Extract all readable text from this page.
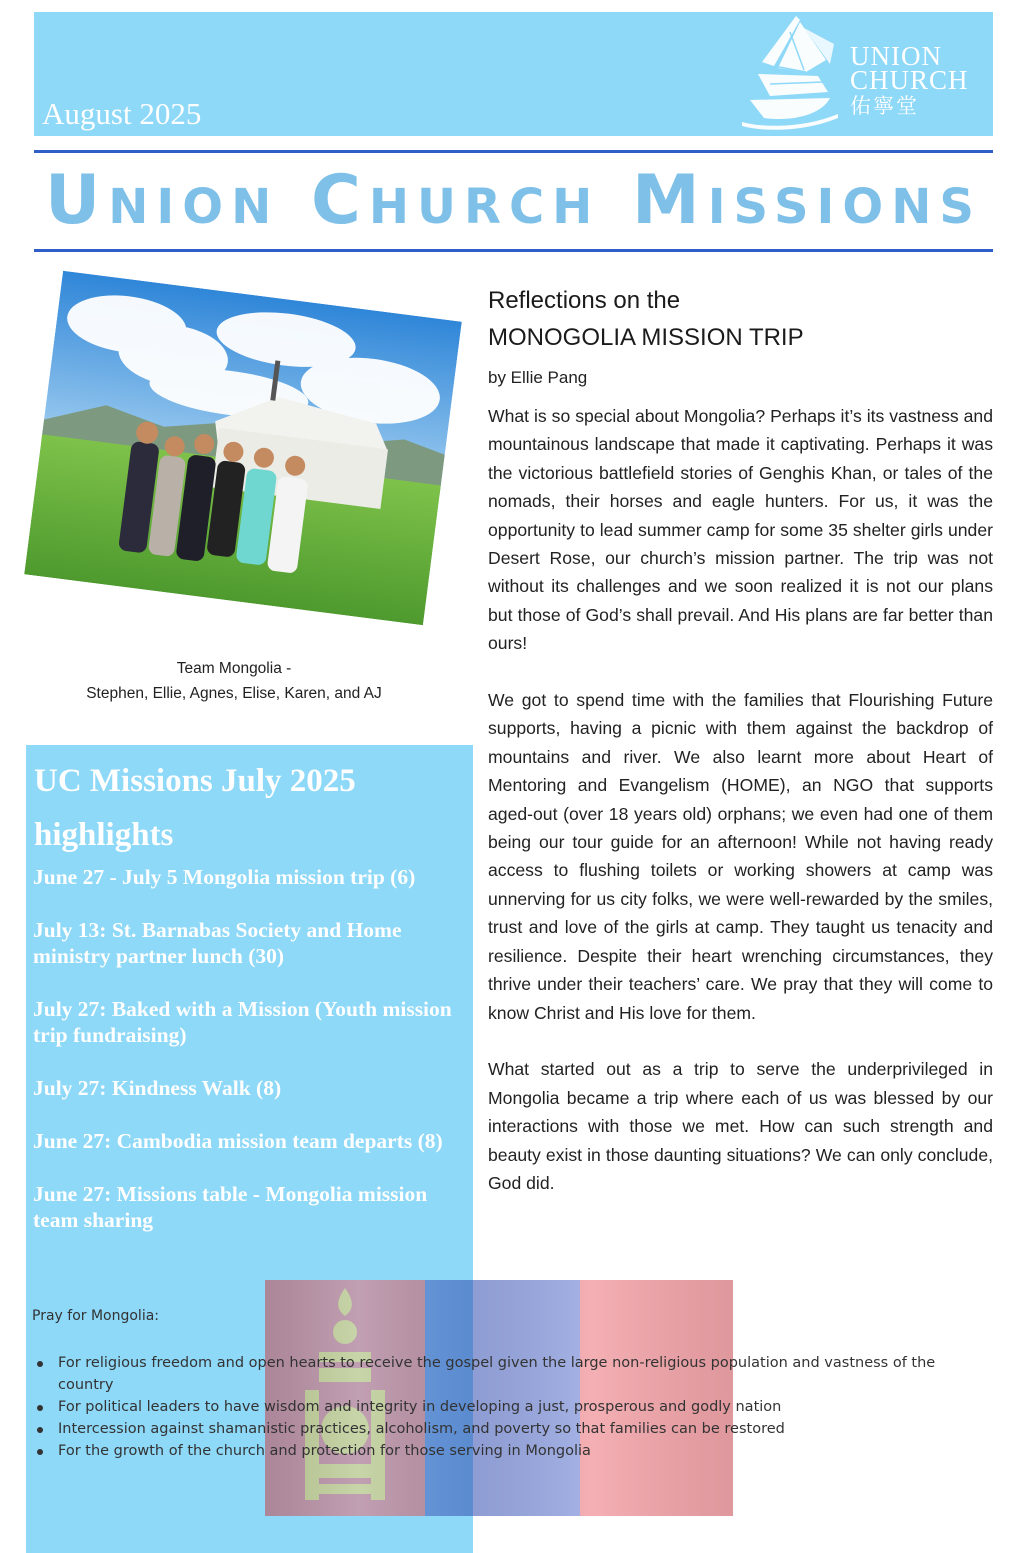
August 2025
UNION
CHURCH
佑寧堂
Union Church Missions
Team Mongolia -
Stephen, Ellie, Agnes, Elise, Karen, and AJ
Reflections on the
MONOGOLIA MISSION TRIP
by Ellie Pang

What is so special about Mongolia? Perhaps it’s its vastness and mountainous landscape that made it captivating. Perhaps it was the victorious battlefield stories of Genghis Khan, or tales of the nomads, their horses and eagle hunters. For us, it was the opportunity to lead summer camp for some 35 shelter girls under Desert Rose, our church’s mission partner. The trip was not without its challenges and we soon realized it is not our plans but those of God’s shall prevail. And His plans are far better than ours!

We got to spend time with the families that Flourishing Future supports, having a picnic with them against the backdrop of mountains and river. We also learnt more about Heart of Mentoring and Evangelism (HOME), an NGO that supports aged-out (over 18 years old) orphans; we even had one of them being our tour guide for an afternoon! While not having ready access to flushing toilets or working showers at camp was unnerving for us city folks, we were well-rewarded by the smiles, trust and love of the girls at camp. They taught us tenacity and resilience. Despite their heart wrenching circumstances, they thrive under their teachers’ care. We pray that they will come to know Christ and His love for them.

What started out as a trip to serve the underprivileged in Mongolia became a trip where each of us was blessed by our interactions with those we met. How can such strength and beauty exist in those daunting situations? We can only conclude, God did.

UC Missions July 2025 highlights
June 27 - July 5 Mongolia mission trip (6)
July 13: St. Barnabas Society and Home ministry partner lunch (30)
July 27: Baked with a Mission (Youth mission trip fundraising)
July 27: Kindness Walk (8)
June 27: Cambodia mission team departs (8)
June 27: Missions table - Mongolia mission team sharing
Pray for Mongolia:
For religious freedom and open hearts to receive the gospel given the large non-religious population and vastness of the country
For political leaders to have wisdom and integrity in developing a just, prosperous and godly nation
Intercession against shamanistic practices, alcoholism, and poverty so that families can be restored
For the growth of the church and protection for those serving in Mongolia
